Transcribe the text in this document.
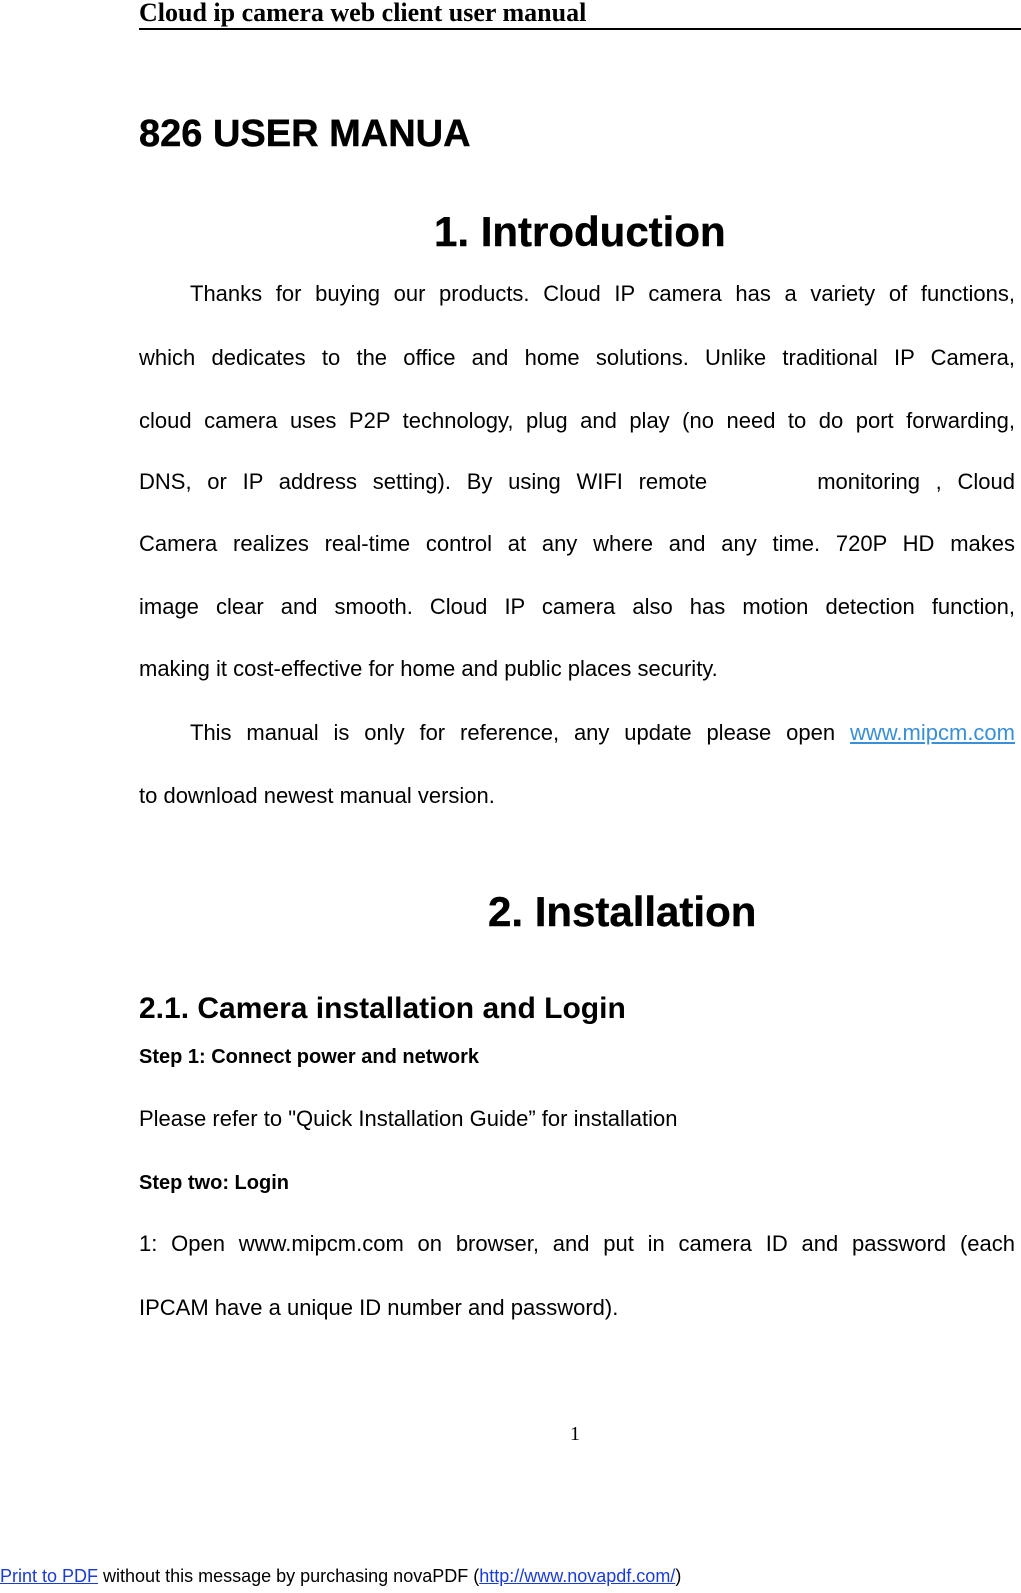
Cloud ip camera web client user manual
826 USER MANUA
1. Introduction
Thanks for buying our products. Cloud IP camera has a variety of functions,
which dedicates to the office and home solutions. Unlike traditional IP Camera,
cloud camera uses P2P technology, plug and play (no need to do port forwarding,
DNS, or IP address setting). By using WIFI remote       monitoring , Cloud
Camera realizes real-time control at any where and any time. 720P HD makes
image clear and smooth. Cloud IP camera also has motion detection function,
making it cost-effective for home and public places security.
This manual is only for reference, any update please open www.mipcm.com
to download newest manual version.
2. Installation
2.1. Camera installation and Login
Step 1: Connect power and network
Please refer to "Quick Installation Guide” for installation
Step two: Login
1: Open www.mipcm.com on browser, and put in camera ID and password (each
IPCAM have a unique ID number and password).
1
Print to PDF without this message by purchasing novaPDF (http://www.novapdf.com/)
